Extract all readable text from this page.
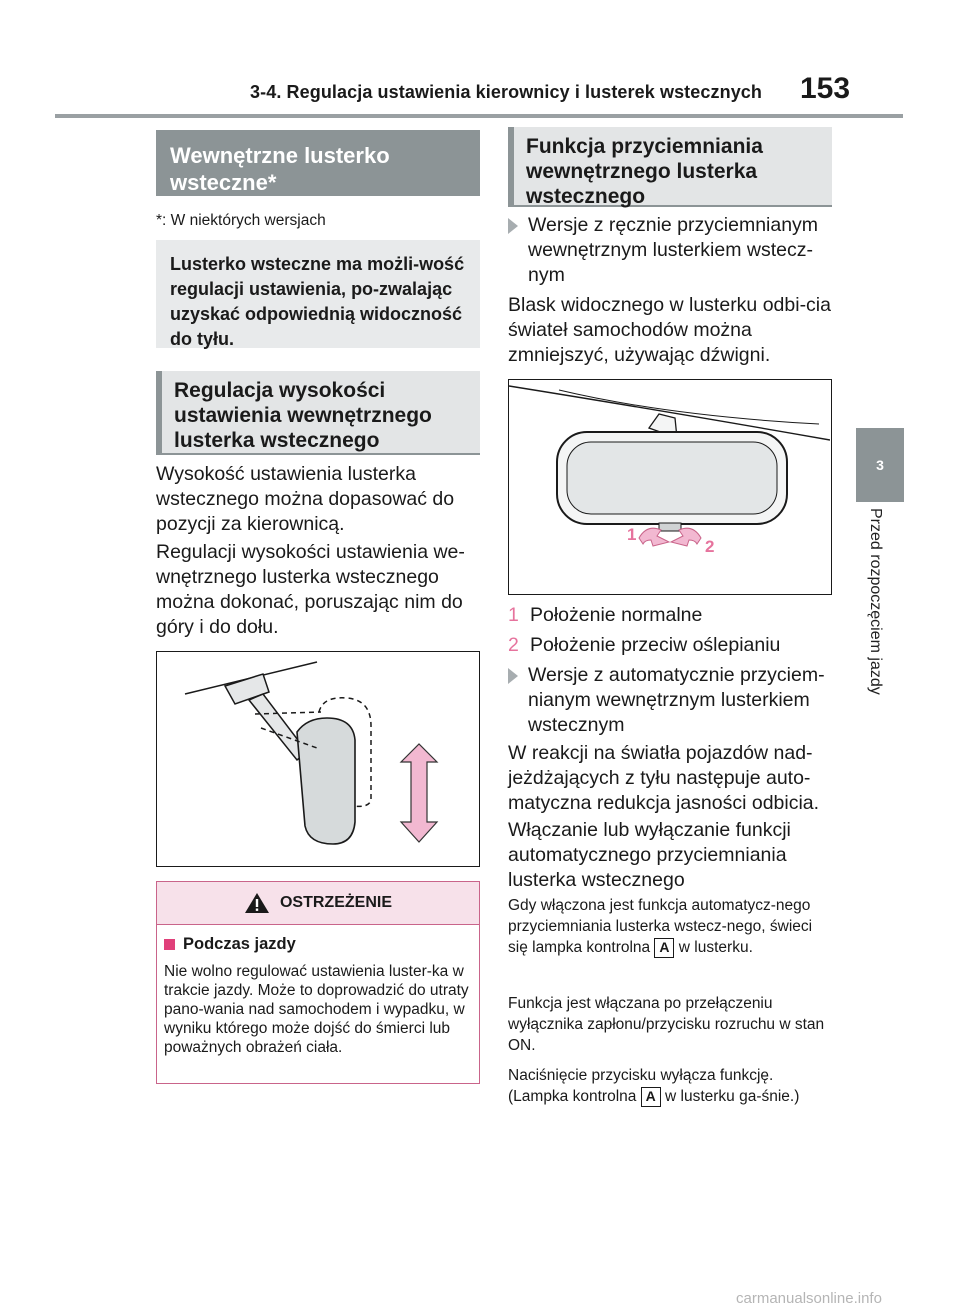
3-4. Regulacja ustawienia kierownicy i lusterek wstecznych 153
3
Przed rozpoczęciem jazdy
Wewnętrzne lusterko wsteczne*
*: W niektórych wersjach
Lusterko wsteczne ma możli-wość regulacji ustawienia, po-zwalając uzyskać odpowiednią widoczność do tyłu.
Regulacja wysokości ustawienia wewnętrznego lusterka wstecznego

Wysokość ustawienia lusterka wstecznego można dopasować do pozycji za kierownicą.

Regulacji wysokości ustawienia we-wnętrznego lusterka wstecznego można dokonać, poruszając nim do góry i do dołu.

OSTRZEŻENIE
Podczas jazdy

Nie wolno regulować ustawienia luster-ka w trakcie jazdy. Może to doprowadzić do utraty pano-wania nad samochodem i wypadku, w wyniku którego może dojść do śmierci lub poważnych obrażeń ciała.

Funkcja przyciemniania wewnętrznego lusterka wstecznego
Wersje z ręcznie przyciemnianym wewnętrznym lusterkiem wstecz-nym

Blask widocznego w lusterku odbi-cia świateł samochodów można zmniejszyć, używając dźwigni.

1
2
1 Położenie normalne
2 Położenie przeciw oślepianiu
Wersje z automatycznie przyciem-nianym wewnętrznym lusterkiem wstecznym

W reakcji na światła pojazdów nad-jeżdżających z tyłu następuje auto-matyczna redukcja jasności odbicia.

Włączanie lub wyłączanie funkcji automatycznego przyciemniania lusterka wstecznego

Gdy włączona jest funkcja automatycz-nego przyciemniania lusterka wstecz-nego, świeci się lampka kontrolna A w lusterku.

Funkcja jest włączana po przełączeniu wyłącznika zapłonu/przycisku rozruchu w stan ON.

Naciśnięcie przycisku wyłącza funkcję. (Lampka kontrolna A w lusterku ga-śnie.)

carmanualsonline.info
